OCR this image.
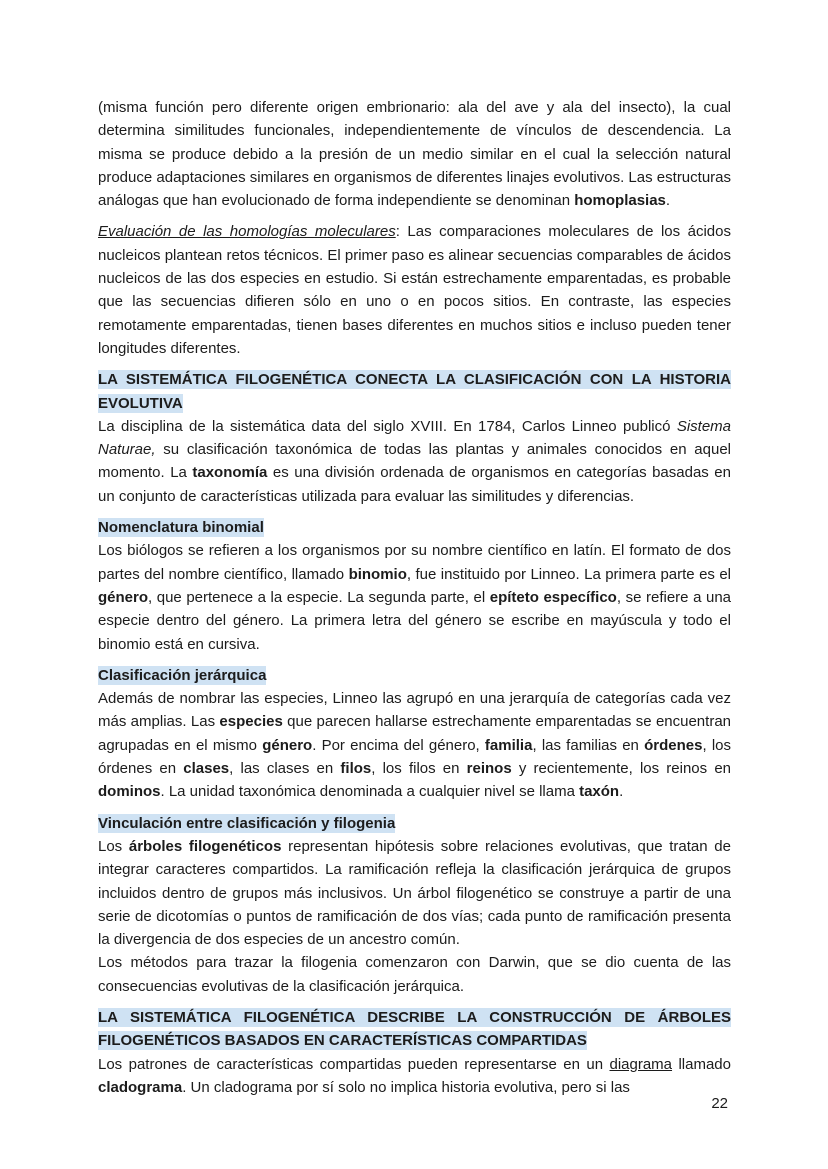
(misma función pero diferente origen embrionario: ala del ave y ala del insecto), la cual determina similitudes funcionales, independientemente de vínculos de descendencia. La misma se produce debido a la presión de un medio similar en el cual la selección natural produce adaptaciones similares en organismos de diferentes linajes evolutivos. Las estructuras análogas que han evolucionado de forma independiente se denominan homoplasias.

Evaluación de las homologías moleculares: Las comparaciones moleculares de los ácidos nucleicos plantean retos técnicos. El primer paso es alinear secuencias comparables de ácidos nucleicos de las dos especies en estudio. Si están estrechamente emparentadas, es probable que las secuencias difieren sólo en uno o en pocos sitios. En contraste, las especies remotamente emparentadas, tienen bases diferentes en muchos sitios e incluso pueden tener longitudes diferentes.

LA SISTEMÁTICA FILOGENÉTICA CONECTA LA CLASIFICACIÓN CON LA HISTORIA EVOLUTIVA

La disciplina de la sistemática data del siglo XVIII. En 1784, Carlos Linneo publicó Sistema Naturae, su clasificación taxonómica de todas las plantas y animales conocidos en aquel momento. La taxonomía es una división ordenada de organismos en categorías basadas en un conjunto de características utilizada para evaluar las similitudes y diferencias.

Nomenclatura binomial

Los biólogos se refieren a los organismos por su nombre científico en latín. El formato de dos partes del nombre científico, llamado binomio, fue instituido por Linneo. La primera parte es el género, que pertenece a la especie. La segunda parte, el epíteto específico, se refiere a una especie dentro del género. La primera letra del género se escribe en mayúscula y todo el binomio está en cursiva.

Clasificación jerárquica

Además de nombrar las especies, Linneo las agrupó en una jerarquía de categorías cada vez más amplias. Las especies que parecen hallarse estrechamente emparentadas se encuentran agrupadas en el mismo género. Por encima del género, familia, las familias en órdenes, los órdenes en clases, las clases en filos, los filos en reinos y recientemente, los reinos en dominos. La unidad taxonómica denominada a cualquier nivel se llama taxón.

Vinculación entre clasificación y filogenia

Los árboles filogenéticos representan hipótesis sobre relaciones evolutivas, que tratan de integrar caracteres compartidos. La ramificación refleja la clasificación jerárquica de grupos incluidos dentro de grupos más inclusivos. Un árbol filogenético se construye a partir de una serie de dicotomías o puntos de ramificación de dos vías; cada punto de ramificación presenta la divergencia de dos especies de un ancestro común.

Los métodos para trazar la filogenia comenzaron con Darwin, que se dio cuenta de las consecuencias evolutivas de la clasificación jerárquica.

LA SISTEMÁTICA FILOGENÉTICA DESCRIBE LA CONSTRUCCIÓN DE ÁRBOLES FILOGENÉTICOS BASADOS EN CARACTERÍSTICAS COMPARTIDAS

Los patrones de características compartidas pueden representarse en un diagrama llamado cladograma. Un cladograma por sí solo no implica historia evolutiva, pero si las

22
